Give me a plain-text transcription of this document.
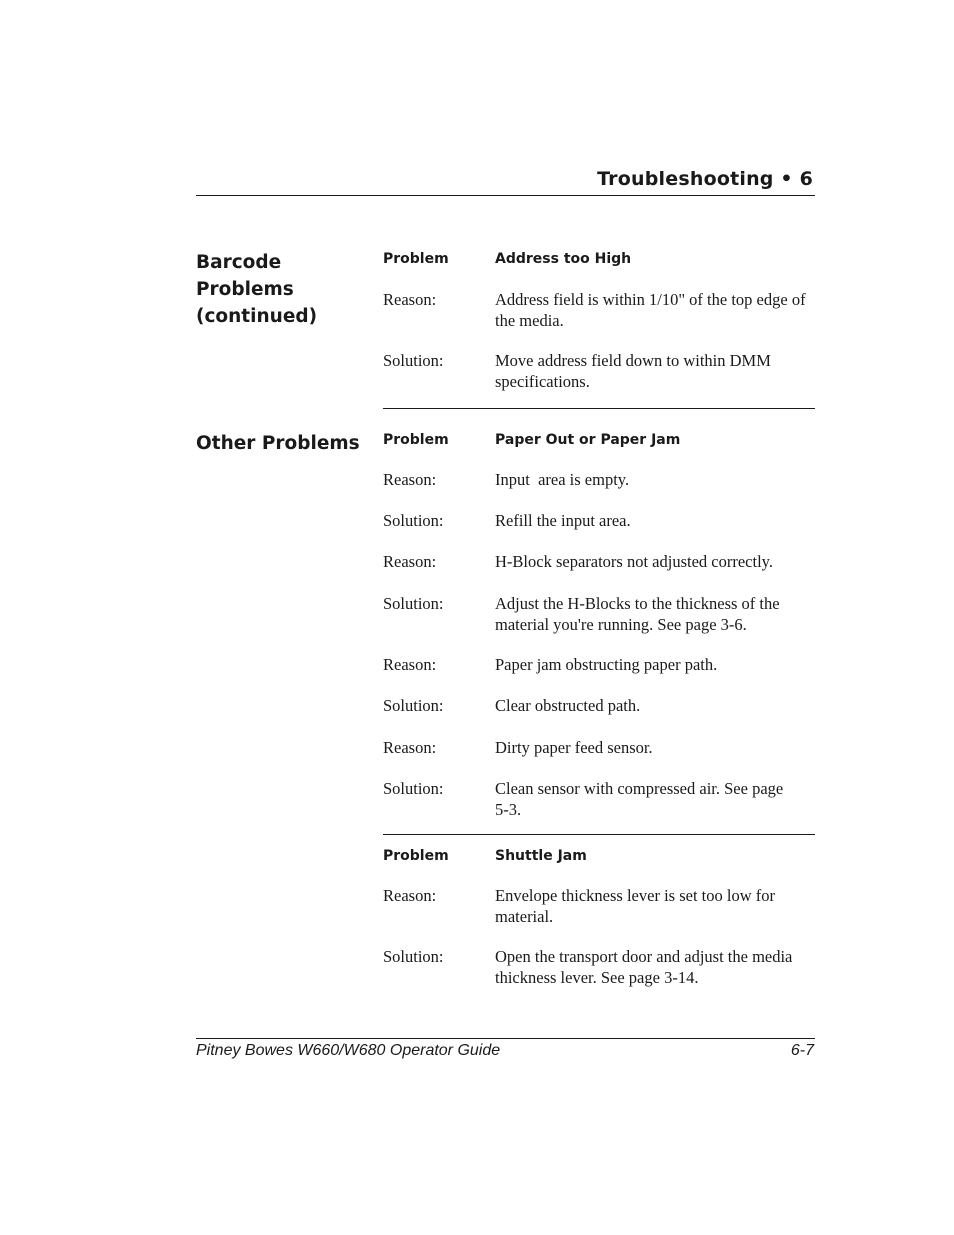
Troubleshooting • 6
Barcode Problems (continued)
Problem	Address too High
Reason:	Address field is within 1/10" of the top edge of the media.
Solution:	Move address field down to within DMM specifications.
Other Problems	Problem	Paper Out or Paper Jam
Reason:	Input  area is empty.
Solution:	Refill the input area.
Reason:	H-Block separators not adjusted correctly.
Solution:	Adjust the H-Blocks to the thickness of the material you're running. See page 3-6.
Reason:	Paper jam obstructing paper path.
Solution:	Clear obstructed path.
Reason:	Dirty paper feed sensor.
Solution:	Clean sensor with compressed air. See page 5-3.
Problem	Shuttle Jam
Reason:	Envelope thickness lever is set too low for material.
Solution:	Open the transport door and adjust the media thickness lever. See page 3-14.
Pitney Bowes W660/W680 Operator Guide	6-7
